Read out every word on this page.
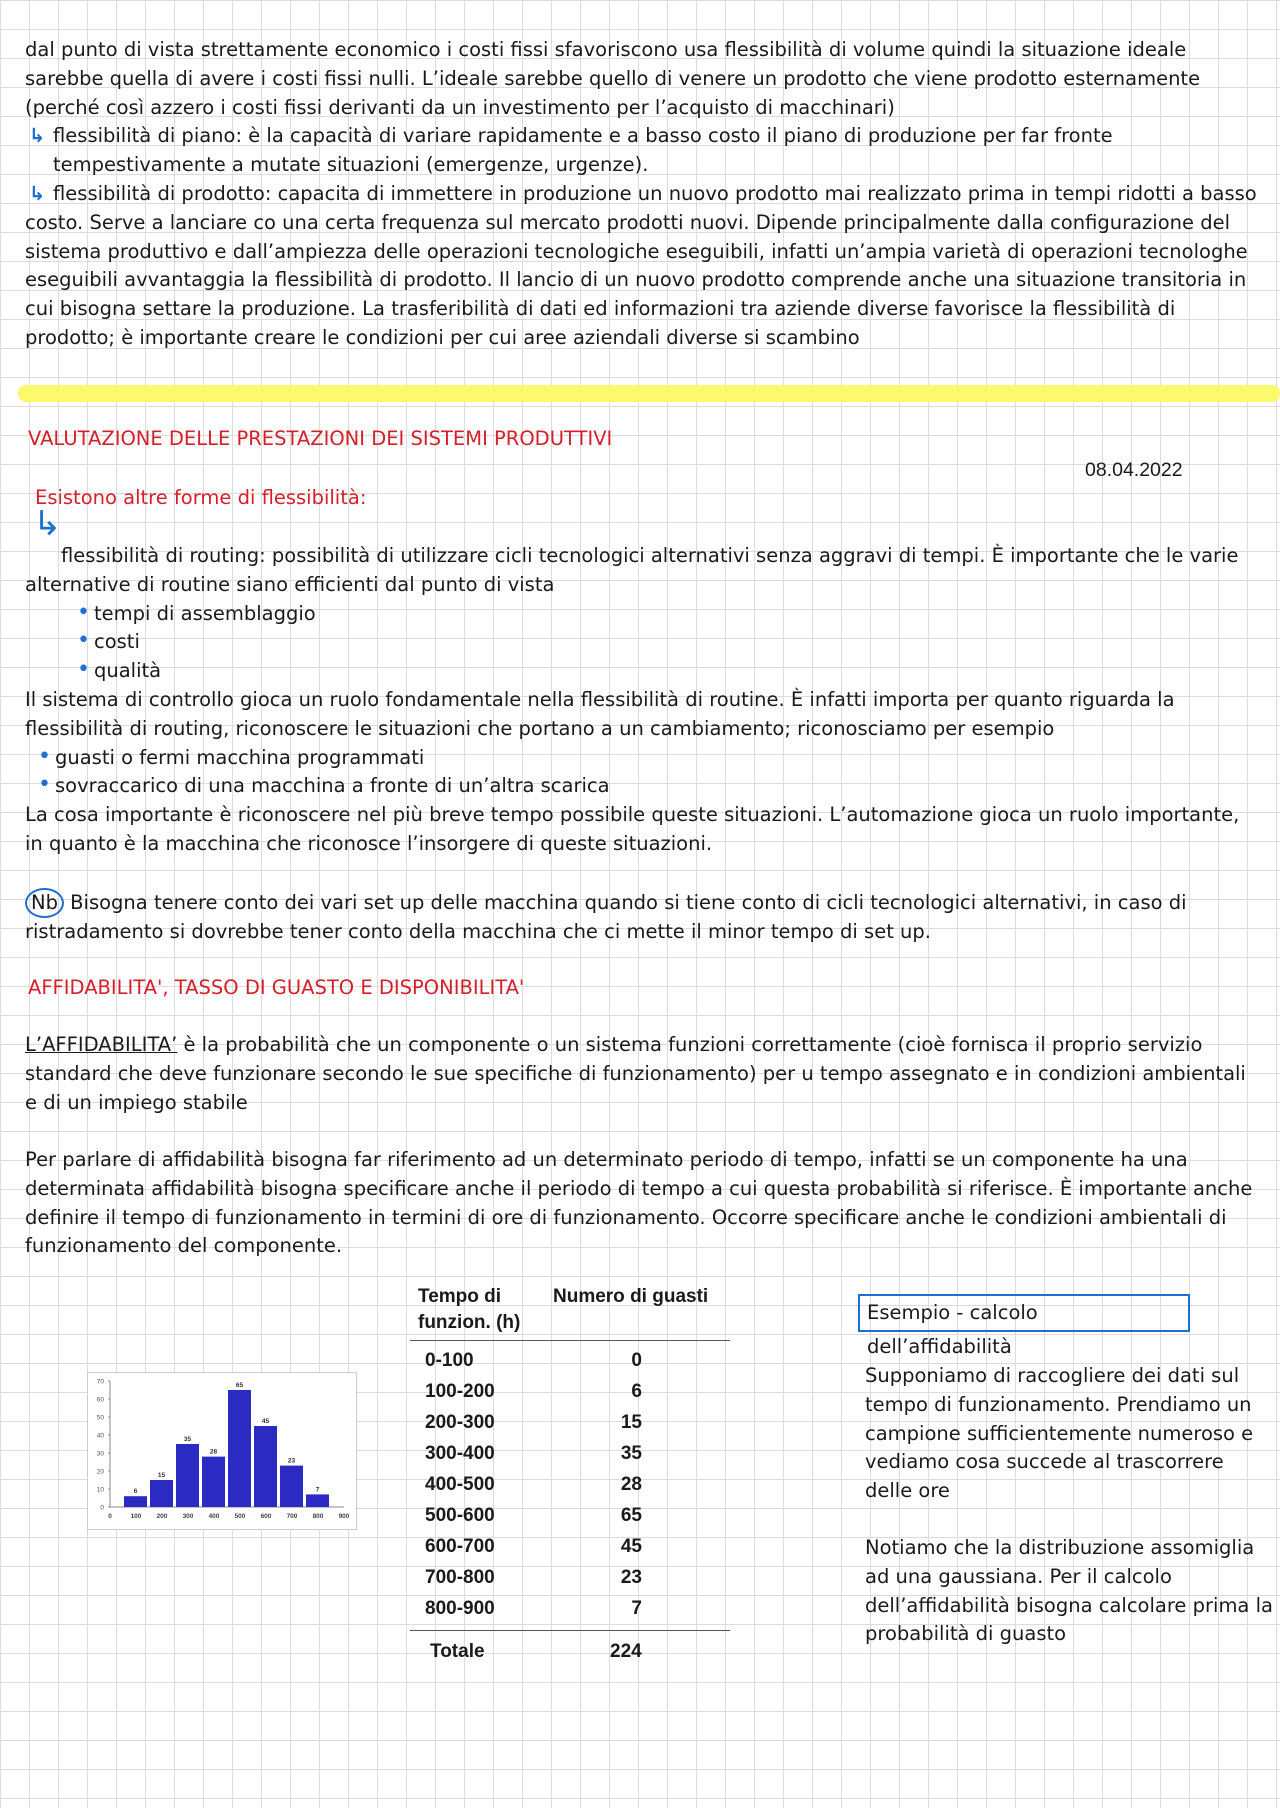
dal punto di vista strettamente economico i costi fissi sfavoriscono usa flessibilità di volume quindi la situazione ideale sarebbe quella di avere i costi fissi nulli. L’ideale sarebbe quello di venere un prodotto che viene prodotto esternamente (perché così azzero i costi fissi derivanti da un investimento per l’acquisto di macchinari)
↳ flessibilità di piano: è la capacità di variare rapidamente e a basso costo il piano di produzione per far fronte tempestivamente a mutate situazioni (emergenze, urgenze).
↳ flessibilità di prodotto: capacita di immettere in produzione un nuovo prodotto mai realizzato prima in tempi ridotti a basso costo. Serve a lanciare co una certa frequenza sul mercato prodotti nuovi. Dipende principalmente dalla configurazione del sistema produttivo e dall’ampiezza delle operazioni tecnologiche eseguibili, infatti un’ampia varietà di operazioni tecnologhe eseguibili avvantaggia la flessibilità di prodotto. Il lancio di un nuovo prodotto comprende anche una situazione transitoria in cui bisogna settare la produzione. La trasferibilità di dati ed informazioni tra aziende diverse favorisce la flessibilità di prodotto; è importante creare le condizioni per cui aree aziendali diverse si scambino
VALUTAZIONE DELLE PRESTAZIONI DEI SISTEMI PRODUTTIVI
08.04.2022
Esistono altre forme di flessibilità:
↳
flessibilità di routing: possibilità di utilizzare cicli tecnologici alternativi senza aggravi di tempi. È importante che le varie alternative di routine siano efficienti dal punto di vista
• tempi di assemblaggio
• costi
• qualità
Il sistema di controllo gioca un ruolo fondamentale nella flessibilità di routine. È infatti importa per quanto riguarda la flessibilità di routing, riconoscere le situazioni che portano a un cambiamento; riconosciamo per esempio
• guasti o fermi macchina programmati
• sovraccarico di una macchina a fronte di un’altra scarica
La cosa importante è riconoscere nel più breve tempo possibile queste situazioni. L’automazione gioca un ruolo importante, in quanto è la macchina che riconosce l’insorgere di queste situazioni.
Nb Bisogna tenere conto dei vari set up delle macchina quando si tiene conto di cicli tecnologici alternativi, in caso di ristradamento si dovrebbe tener conto della macchina che ci mette il minor tempo di set up.
AFFIDABILITA', TASSO DI GUASTO E DISPONIBILITA'
L’AFFIDABILITA’ è la probabilità che un componente o un sistema funzioni correttamente (cioè fornisca il proprio servizio standard che deve funzionare secondo le sue specifiche di funzionamento) per u tempo assegnato e in condizioni ambientali e di un impiego stabile
Per parlare di affidabilità bisogna far riferimento ad un determinato periodo di tempo, infatti se un componente ha una determinata affidabilità bisogna specificare anche il periodo di tempo a cui questa probabilità si riferisce. È importante anche definire il tempo di funzionamento in termini di ore di funzionamento. Occorre specificare anche le condizioni ambientali di funzionamento del componente.
0
10
20
30
40
50
60
70
0	100 200 300 400 500 600 700 800 900
6
15
35
28
65
45
23
7
Tempo di funzion. (h)
Numero di guasti
0-100	0
100-200	6
200-300	15
300-400	35
400-500	28
500-600	65
600-700	45
700-800	23
800-900	7
Totale	224
Esempio - calcolo dell’affidabilità
Supponiamo di raccogliere dei dati sul tempo di funzionamento. Prendiamo un campione sufficientemente numeroso e vediamo cosa succede al trascorrere delle ore
Notiamo che la distribuzione assomiglia ad una gaussiana. Per il calcolo dell’affidabilità bisogna calcolare prima la probabilità di guasto
